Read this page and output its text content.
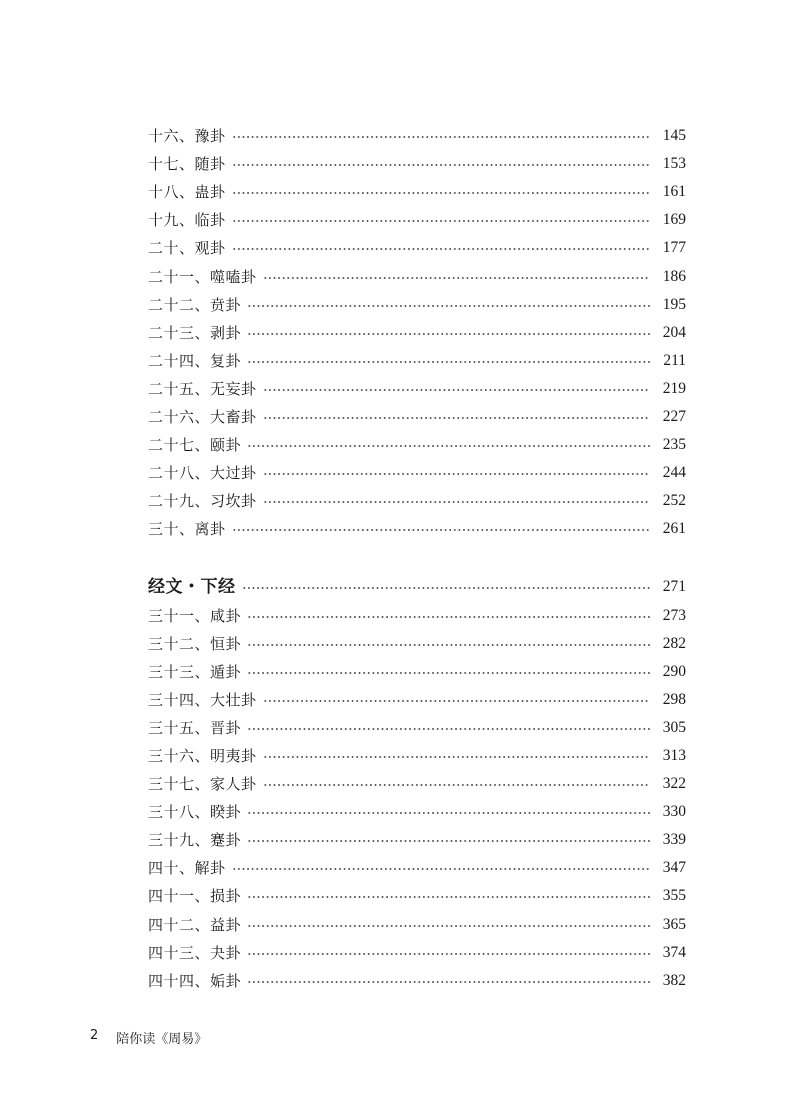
十六、豫卦	145
十七、随卦	153
十八、蛊卦	161
十九、临卦	169
二十、观卦	177
二十一、噬嗑卦	186
二十二、贲卦	195
二十三、剥卦	204
二十四、复卦	211
二十五、无妄卦	219
二十六、大畜卦	227
二十七、颐卦	235
二十八、大过卦	244
二十九、习坎卦	252
三十、离卦	261
经文・下经	271
三十一、咸卦	273
三十二、恒卦	282
三十三、遁卦	290
三十四、大壮卦	298
三十五、晋卦	305
三十六、明夷卦	313
三十七、家人卦	322
三十八、睽卦	330
三十九、蹇卦	339
四十、解卦	347
四十一、损卦	355
四十二、益卦	365
四十三、夬卦	374
四十四、姤卦	382
2 陪你读《周易》
